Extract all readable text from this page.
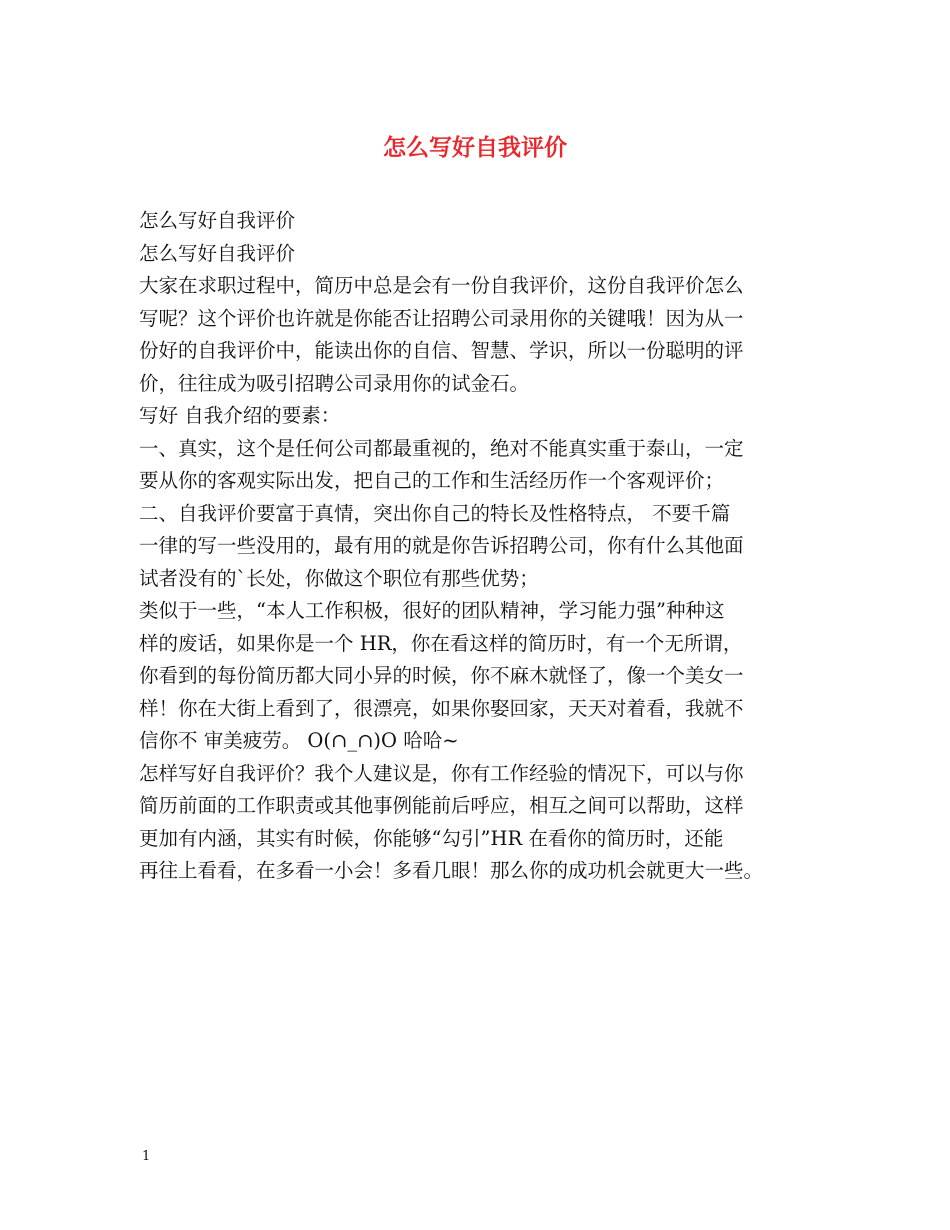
怎么写好自我评价
怎么写好自我评价
怎么写好自我评价
大家在求职过程中，简历中总是会有一份自我评价，这份自我评价怎么
写呢？这个评价也许就是你能否让招聘公司录用你的关键哦！因为从一
份好的自我评价中，能读出你的自信、智慧、学识，所以一份聪明的评
价，往往成为吸引招聘公司录用你的试金石。
写好 自我介绍的要素：
一、真实，这个是任何公司都最重视的，绝对不能真实重于泰山，一定
要从你的客观实际出发，把自己的工作和生活经历作一个客观评价；
二、自我评价要富于真情，突出你自己的特长及性格特点， 不要千篇
一律的写一些没用的，最有用的就是你告诉招聘公司，你有什么其他面
试者没有的`长处，你做这个职位有那些优势；
类似于一些，“本人工作积极，很好的团队精神，学习能力强”种种这
样的废话，如果你是一个 HR，你在看这样的简历时，有一个无所谓，
你看到的每份简历都大同小异的时候，你不麻木就怪了，像一个美女一
样！你在大街上看到了，很漂亮，如果你娶回家，天天对着看，我就不
信你不 审美疲劳。 O(∩_∩)O 哈哈~
怎样写好自我评价？我个人建议是，你有工作经验的情况下，可以与你
简历前面的工作职责或其他事例能前后呼应，相互之间可以帮助，这样
更加有内涵，其实有时候，你能够“勾引”HR 在看你的简历时，还能
再往上看看，在多看一小会！多看几眼！那么你的成功机会就更大一些。
1
